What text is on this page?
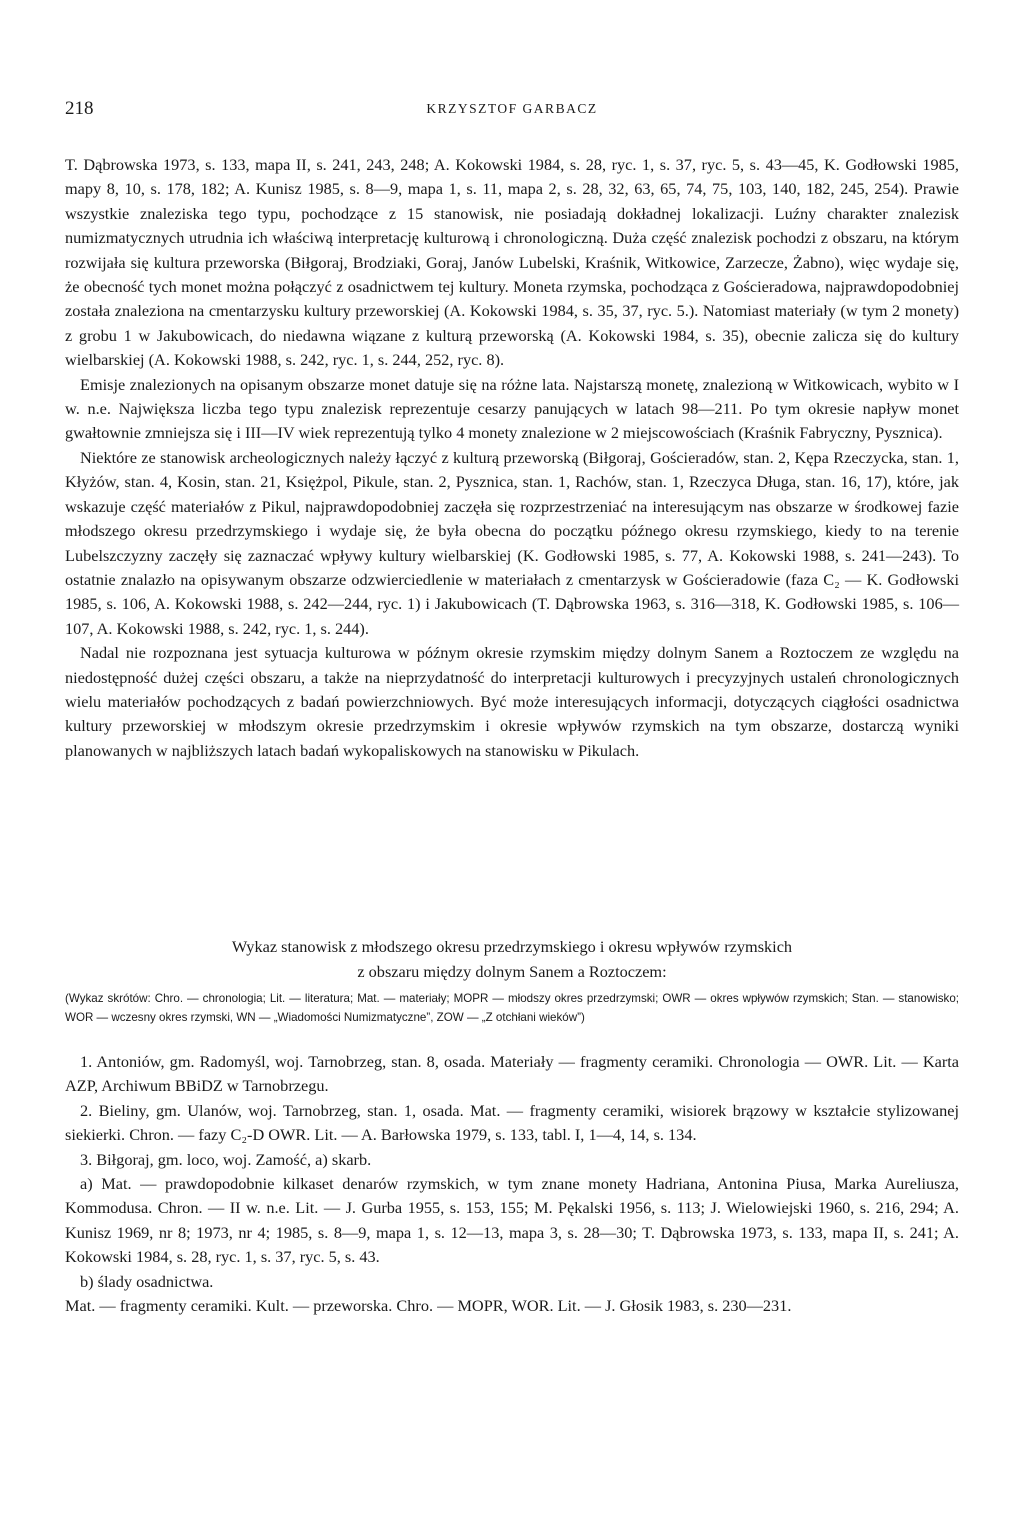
218	KRZYSZTOF GARBACZ

T. Dąbrowska 1973, s. 133, mapa II, s. 241, 243, 248; A. Kokowski 1984, s. 28, ryc. 1, s. 37, ryc. 5, s. 43—45, K. Godłowski 1985, mapy 8, 10, s. 178, 182; A. Kunisz 1985, s. 8—9, mapa 1, s. 11, mapa 2, s. 28, 32, 63, 65, 74, 75, 103, 140, 182, 245, 254). Prawie wszystkie znaleziska tego typu, pochodzące z 15 stanowisk, nie posiadają dokładnej lokalizacji. Luźny charakter znalezisk numizmatycznych utrudnia ich właściwą interpretację kulturową i chronologiczną. Duża część znalezisk pochodzi z obszaru, na którym rozwijała się kultura przeworska (Biłgoraj, Brodziaki, Goraj, Janów Lubelski, Kraśnik, Witkowice, Zarzecze, Żabno), więc wydaje się, że obecność tych monet można połączyć z osadnictwem tej kultury. Moneta rzymska, pochodząca z Gościeradowa, najprawdopodobniej została znaleziona na cmentarzysku kultury przeworskiej (A. Kokowski 1984, s. 35, 37, ryc. 5.). Natomiast materiały (w tym 2 monety) z grobu 1 w Jakubowicach, do niedawna wiązane z kulturą przeworską (A. Kokowski 1984, s. 35), obecnie zalicza się do kultury wielbarskiej (A. Kokowski 1988, s. 242, ryc. 1, s. 244, 252, ryc. 8).

Emisje znalezionych na opisanym obszarze monet datuje się na różne lata. Najstarszą monetę, znalezioną w Witkowicach, wybito w I w. n.e. Największa liczba tego typu znalezisk reprezentuje cesarzy panujących w latach 98—211. Po tym okresie napływ monet gwałtownie zmniejsza się i III—IV wiek reprezentują tylko 4 monety znalezione w 2 miejscowościach (Kraśnik Fabryczny, Pysznica).

Niektóre ze stanowisk archeologicznych należy łączyć z kulturą przeworską (Biłgoraj, Gościeradów, stan. 2, Kępa Rzeczycka, stan. 1, Kłyżów, stan. 4, Kosin, stan. 21, Księżpol, Pikule, stan. 2, Pysznica, stan. 1, Rachów, stan. 1, Rzeczyca Długa, stan. 16, 17), które, jak wskazuje część materiałów z Pikul, najprawdopodobniej zaczęła się rozprzestrzeniać na interesującym nas obszarze w środkowej fazie młodszego okresu przedrzymskiego i wydaje się, że była obecna do początku późnego okresu rzymskiego, kiedy to na terenie Lubelszczyzny zaczęły się zaznaczać wpływy kultury wielbarskiej (K. Godłowski 1985, s. 77, A. Kokowski 1988, s. 241—243). To ostatnie znalazło na opisywanym obszarze odzwierciedlenie w materiałach z cmentarzysk w Gościeradowie (faza C₂ — K. Godłowski 1985, s. 106, A. Kokowski 1988, s. 242—244, ryc. 1) i Jakubowicach (T. Dąbrowska 1963, s. 316—318, K. Godłowski 1985, s. 106—107, A. Kokowski 1988, s. 242, ryc. 1, s. 244).

Nadal nie rozpoznana jest sytuacja kulturowa w późnym okresie rzymskim między dolnym Sanem a Roztoczem ze względu na niedostępność dużej części obszaru, a także na nieprzydatność do interpretacji kulturowych i precyzyjnych ustaleń chronologicznych wielu materiałów pochodzących z badań powierzchniowych. Być może interesujących informacji, dotyczących ciągłości osadnictwa kultury przeworskiej w młodszym okresie przedrzymskim i okresie wpływów rzymskich na tym obszarze, dostarczą wyniki planowanych w najbliższych latach badań wykopaliskowych na stanowisku w Pikulach.

Wykaz stanowisk z młodszego okresu przedrzymskiego i okresu wpływów rzymskich
z obszaru między dolnym Sanem a Roztoczem:
(Wykaz skrótów: Chro. — chronologia; Lit. — literatura; Mat. — materiały; MOPR — młodszy okres przedrzymski; OWR — okres wpływów rzymskich; Stan. — stanowisko; WOR — wczesny okres rzymski, WN — „Wiadomości Numizmatyczne”, ZOW — „Z otchłani wieków”)

1. Antoniów, gm. Radomyśl, woj. Tarnobrzeg, stan. 8, osada. Materiały — fragmenty ceramiki. Chronologia — OWR. Lit. — Karta AZP, Archiwum BBiDZ w Tarnobrzegu.

2. Bieliny, gm. Ulanów, woj. Tarnobrzeg, stan. 1, osada. Mat. — fragmenty ceramiki, wisiorek brązowy w kształcie stylizowanej siekierki. Chron. — fazy C₂-D OWR. Lit. — A. Barłowska 1979, s. 133, tabl. I, 1—4, 14, s. 134.

3. Biłgoraj, gm. loco, woj. Zamość, a) skarb.

a) Mat. — prawdopodobnie kilkaset denarów rzymskich, w tym znane monety Hadriana, Antonina Piusa, Marka Aureliusza, Kommodusa. Chron. — II w. n.e. Lit. — J. Gurba 1955, s. 153, 155; M. Pękalski 1956, s. 113; J. Wielowiejski 1960, s. 216, 294; A. Kunisz 1969, nr 8; 1973, nr 4; 1985, s. 8—9, mapa 1, s. 12—13, mapa 3, s. 28—30; T. Dąbrowska 1973, s. 133, mapa II, s. 241; A. Kokowski 1984, s. 28, ryc. 1, s. 37, ryc. 5, s. 43.

b) ślady osadnictwa.

Mat. — fragmenty ceramiki. Kult. — przeworska. Chro. — MOPR, WOR. Lit. — J. Głosik 1983, s. 230—231.
